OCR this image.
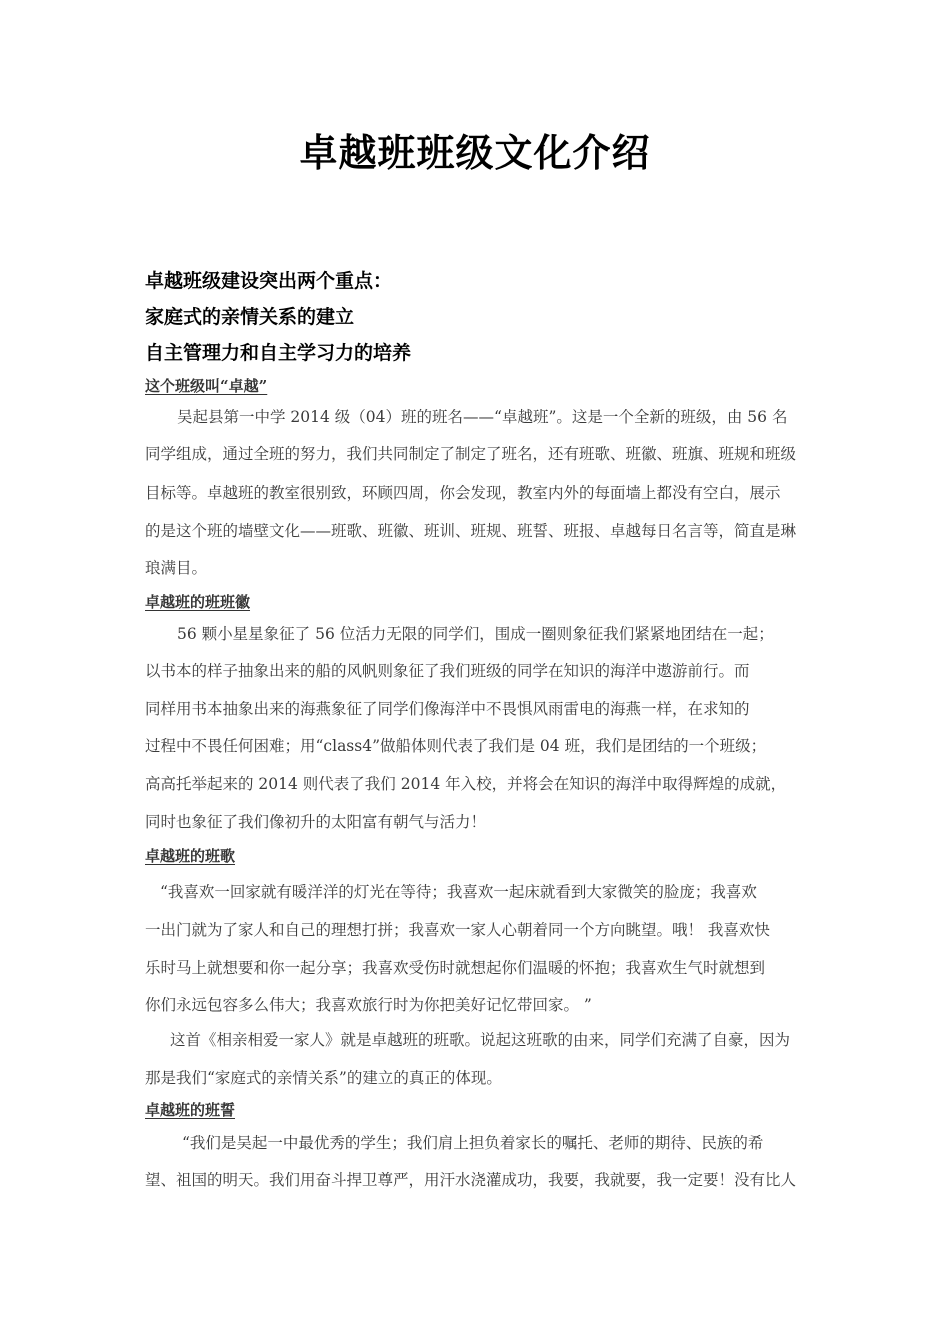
卓越班班级文化介绍
卓越班级建设突出两个重点：
家庭式的亲情关系的建立
自主管理力和自主学习力的培养
这个班级叫“卓越”
吴起县第一中学 2014 级（04）班的班名——“卓越班”。这是一个全新的班级，由 56 名
同学组成，通过全班的努力，我们共同制定了制定了班名，还有班歌、班徽、班旗、班规和班级
目标等。卓越班的教室很别致，环顾四周，你会发现，教室内外的每面墙上都没有空白，展示
的是这个班的墙壁文化——班歌、班徽、班训、班规、班誓、班报、卓越每日名言等，简直是琳
琅满目。
卓越班的班班徽
56 颗小星星象征了 56 位活力无限的同学们，围成一圈则象征我们紧紧地团结在一起；
以书本的样子抽象出来的船的风帆则象征了我们班级的同学在知识的海洋中遨游前行。而
同样用书本抽象出来的海燕象征了同学们像海洋中不畏惧风雨雷电的海燕一样，在求知的
过程中不畏任何困难；用“class4”做船体则代表了我们是 04 班，我们是团结的一个班级；
高高托举起来的 2014 则代表了我们 2014 年入校，并将会在知识的海洋中取得辉煌的成就，
同时也象征了我们像初升的太阳富有朝气与活力！
卓越班的班歌
“我喜欢一回家就有暖洋洋的灯光在等待；我喜欢一起床就看到大家微笑的脸庞；我喜欢
一出门就为了家人和自己的理想打拼；我喜欢一家人心朝着同一个方向眺望。哦！ 我喜欢快
乐时马上就想要和你一起分享；我喜欢受伤时就想起你们温暖的怀抱；我喜欢生气时就想到
你们永远包容多么伟大；我喜欢旅行时为你把美好记忆带回家。 ”
这首《相亲相爱一家人》就是卓越班的班歌。说起这班歌的由来，同学们充满了自豪，因为
那是我们“家庭式的亲情关系”的建立的真正的体现。
卓越班的班誓
“我们是吴起一中最优秀的学生；我们肩上担负着家长的嘱托、老师的期待、民族的希
望、祖国的明天。我们用奋斗捍卫尊严，用汗水浇灌成功，我要，我就要，我一定要！没有比人
